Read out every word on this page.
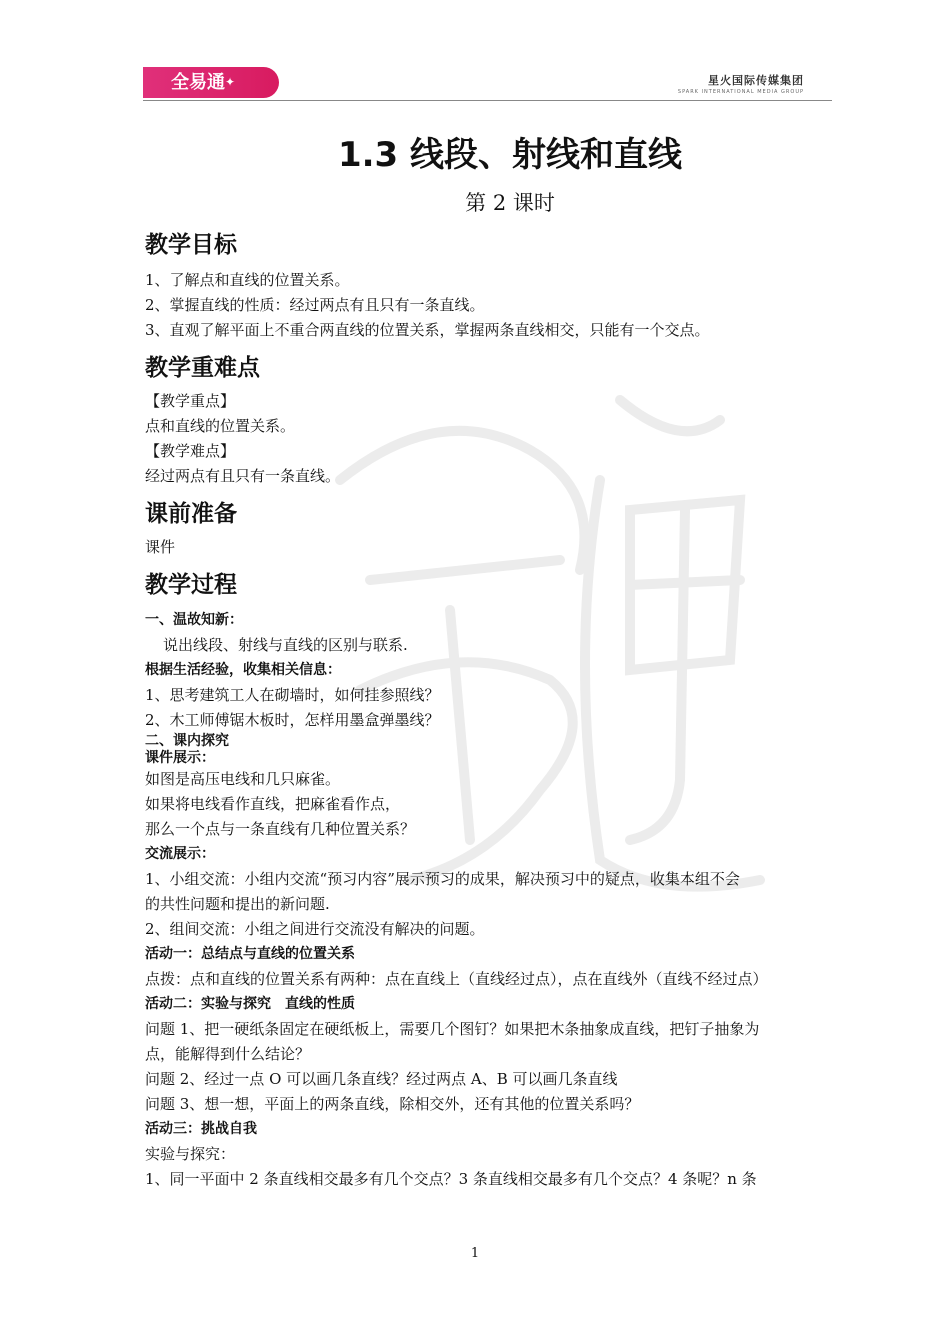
全易通✦	星火国际传媒集团
SPARK INTERNATIONAL MEDIA GROUP
1.3 线段、射线和直线
第 2 课时
教学目标

1、了解点和直线的位置关系。

2、掌握直线的性质：经过两点有且只有一条直线。

3、直观了解平面上不重合两直线的位置关系，掌握两条直线相交，只能有一个交点。

教学重难点

【教学重点】

点和直线的位置关系。

【教学难点】

经过两点有且只有一条直线。

课前准备

课件

教学过程

一、温故知新：

说出线段、射线与直线的区别与联系.

根据生活经验，收集相关信息：

1、思考建筑工人在砌墙时，如何挂参照线？

2、木工师傅锯木板时，怎样用墨盒弹墨线？

二、课内探究

课件展示：

如图是高压电线和几只麻雀。

如果将电线看作直线，把麻雀看作点，

那么一个点与一条直线有几种位置关系？

交流展示：

1、小组交流：小组内交流“预习内容”展示预习的成果，解决预习中的疑点，收集本组不会

的共性问题和提出的新问题.

2、组间交流：小组之间进行交流没有解决的问题。

活动一：总结点与直线的位置关系

点拨：点和直线的位置关系有两种：点在直线上（直线经过点），点在直线外（直线不经过点）

活动二：实验与探究　直线的性质

问题 1、把一硬纸条固定在硬纸板上，需要几个图钉？如果把木条抽象成直线，把钉子抽象为

点，能解得到什么结论？

问题 2、经过一点 O 可以画几条直线？经过两点 A、B 可以画几条直线

问题 3、想一想，平面上的两条直线，除相交外，还有其他的位置关系吗？

活动三：挑战自我

实验与探究：

1、同一平面中 2 条直线相交最多有几个交点？3 条直线相交最多有几个交点？4 条呢？n 条

1
